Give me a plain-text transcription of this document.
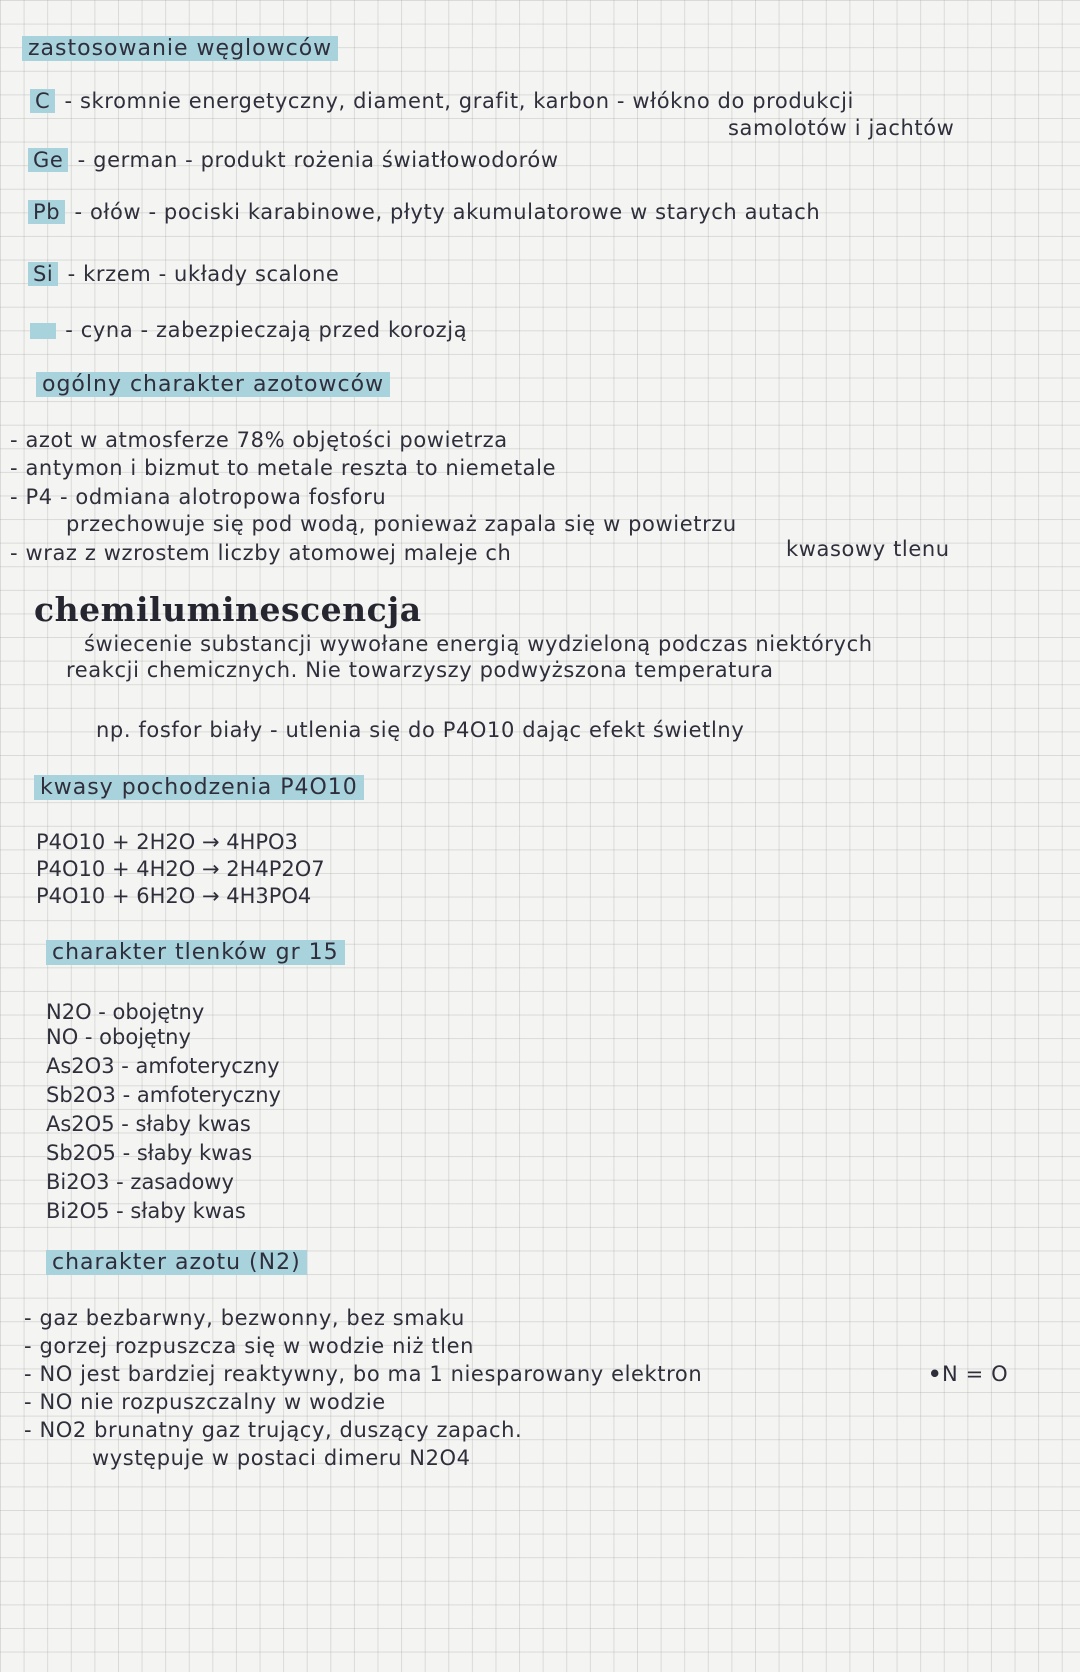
zastosowanie węglowców
C - skromnie energetyczny, diament, grafit, karbon - włókno do produkcji
samolotów i jachtów
Ge - german - produkt rożenia światłowodorów
Pb - ołów - pociski karabinowe, płyty akumulatorowe w starych autach
Si - krzem - układy scalone
- cyna - zabezpieczają przed korozją
ogólny charakter azotowców
- azot w atmosferze 78% objętości powietrza
- antymon i bizmut to metale reszta to niemetale
- P4 - odmiana alotropowa fosforu
przechowuje się pod wodą, ponieważ zapala się w powietrzu
- wraz z wzrostem liczby atomowej maleje ch	kwasowy tlenu
chemiluminescencja
świecenie substancji wywołane energią wydzieloną podczas niektórych
reakcji chemicznych. Nie towarzyszy podwyższona temperatura
np. fosfor biały - utlenia się do P4O10 dając efekt świetlny
kwasy pochodzenia P4O10
P4O10 + 2H2O → 4HPO3
P4O10 + 4H2O → 2H4P2O7
P4O10 + 6H2O → 4H3PO4
charakter tlenków gr 15
N2O - obojętny
NO - obojętny
As2O3 - amfoteryczny
Sb2O3 - amfoteryczny
As2O5 - słaby kwas
Sb2O5 - słaby kwas
Bi2O3 - zasadowy
Bi2O5 - słaby kwas
charakter azotu (N2)
- gaz bezbarwny, bezwonny, bez smaku
- gorzej rozpuszcza się w wodzie niż tlen
- NO jest bardziej reaktywny, bo ma 1 niesparowany elektron	•N = O
- NO nie rozpuszczalny w wodzie
- NO2 brunatny gaz trujący, duszący zapach.
występuje w postaci dimeru N2O4
